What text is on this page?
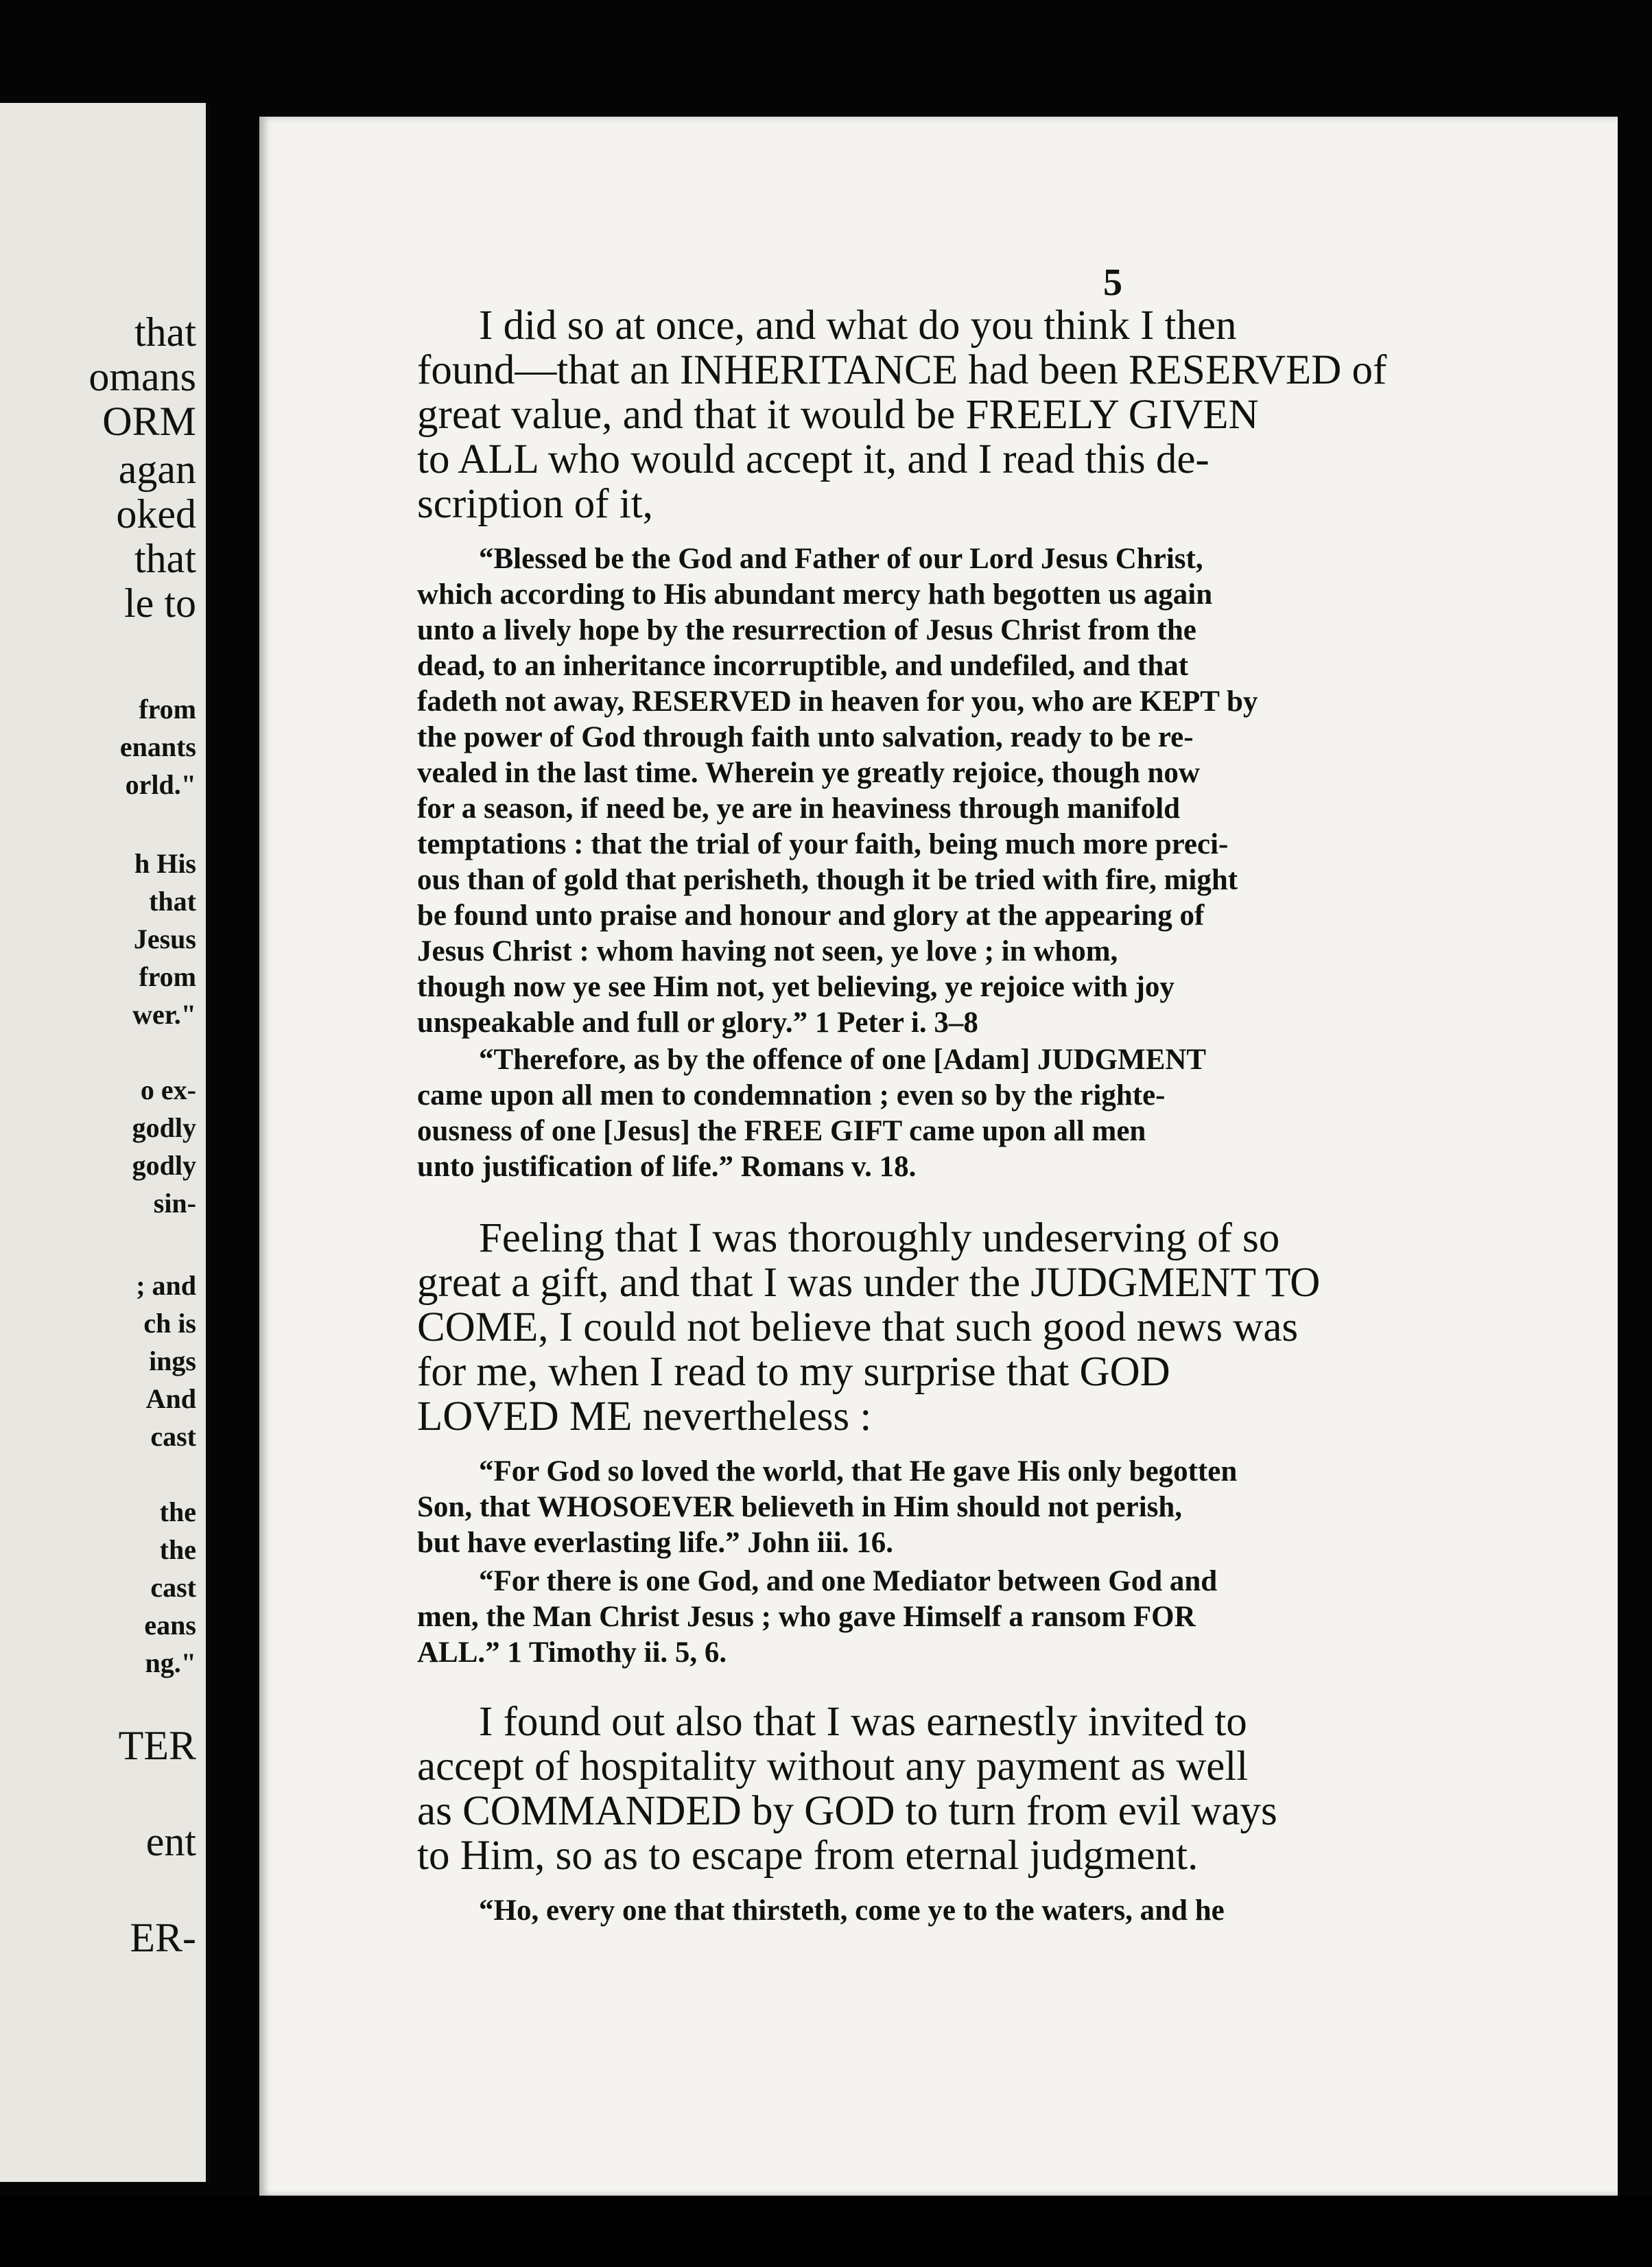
that
omans
ORM
agan
oked
that
le to
from
enants
orld."
h His
that
Jesus
from
wer."
o ex-
godly
godly
sin-
; and
ch is
ings
And
cast
the
the
cast
eans
ng."
TER
ent
ER-
5
I did so at once, and what do you think I then
found—that an INHERITANCE had been RESERVED of
great value, and that it would be FREELY GIVEN
to ALL who would accept it, and I read this de-
scription of it,
“Blessed be the God and Father of our Lord Jesus Christ,
which according to His abundant mercy hath begotten us again
unto a lively hope by the resurrection of Jesus Christ from the
dead, to an inheritance incorruptible, and undefiled, and that
fadeth not away, RESERVED in heaven for you, who are KEPT by
the power of God through faith unto salvation, ready to be re-
vealed in the last time. Wherein ye greatly rejoice, though now
for a season, if need be, ye are in heaviness through manifold
temptations : that the trial of your faith, being much more preci-
ous than of gold that perisheth, though it be tried with fire, might
be found unto praise and honour and glory at the appearing of
Jesus Christ : whom having not seen, ye love ; in whom,
though now ye see Him not, yet believing, ye rejoice with joy
unspeakable and full or glory.” 1 Peter i. 3–8
“Therefore, as by the offence of one [Adam] JUDGMENT
came upon all men to condemnation ; even so by the righte-
ousness of one [Jesus] the FREE GIFT came upon all men
unto justification of life.” Romans v. 18.
Feeling that I was thoroughly undeserving of so
great a gift, and that I was under the JUDGMENT TO
COME, I could not believe that such good news was
for me, when I read to my surprise that GOD
LOVED ME nevertheless :
“For God so loved the world, that He gave His only begotten
Son, that WHOSOEVER believeth in Him should not perish,
but have everlasting life.” John iii. 16.
“For there is one God, and one Mediator between God and
men, the Man Christ Jesus ; who gave Himself a ransom FOR
ALL.” 1 Timothy ii. 5, 6.
I found out also that I was earnestly invited to
accept of hospitality without any payment as well
as COMMANDED by GOD to turn from evil ways
to Him, so as to escape from eternal judgment.
“Ho, every one that thirsteth, come ye to the waters, and he
